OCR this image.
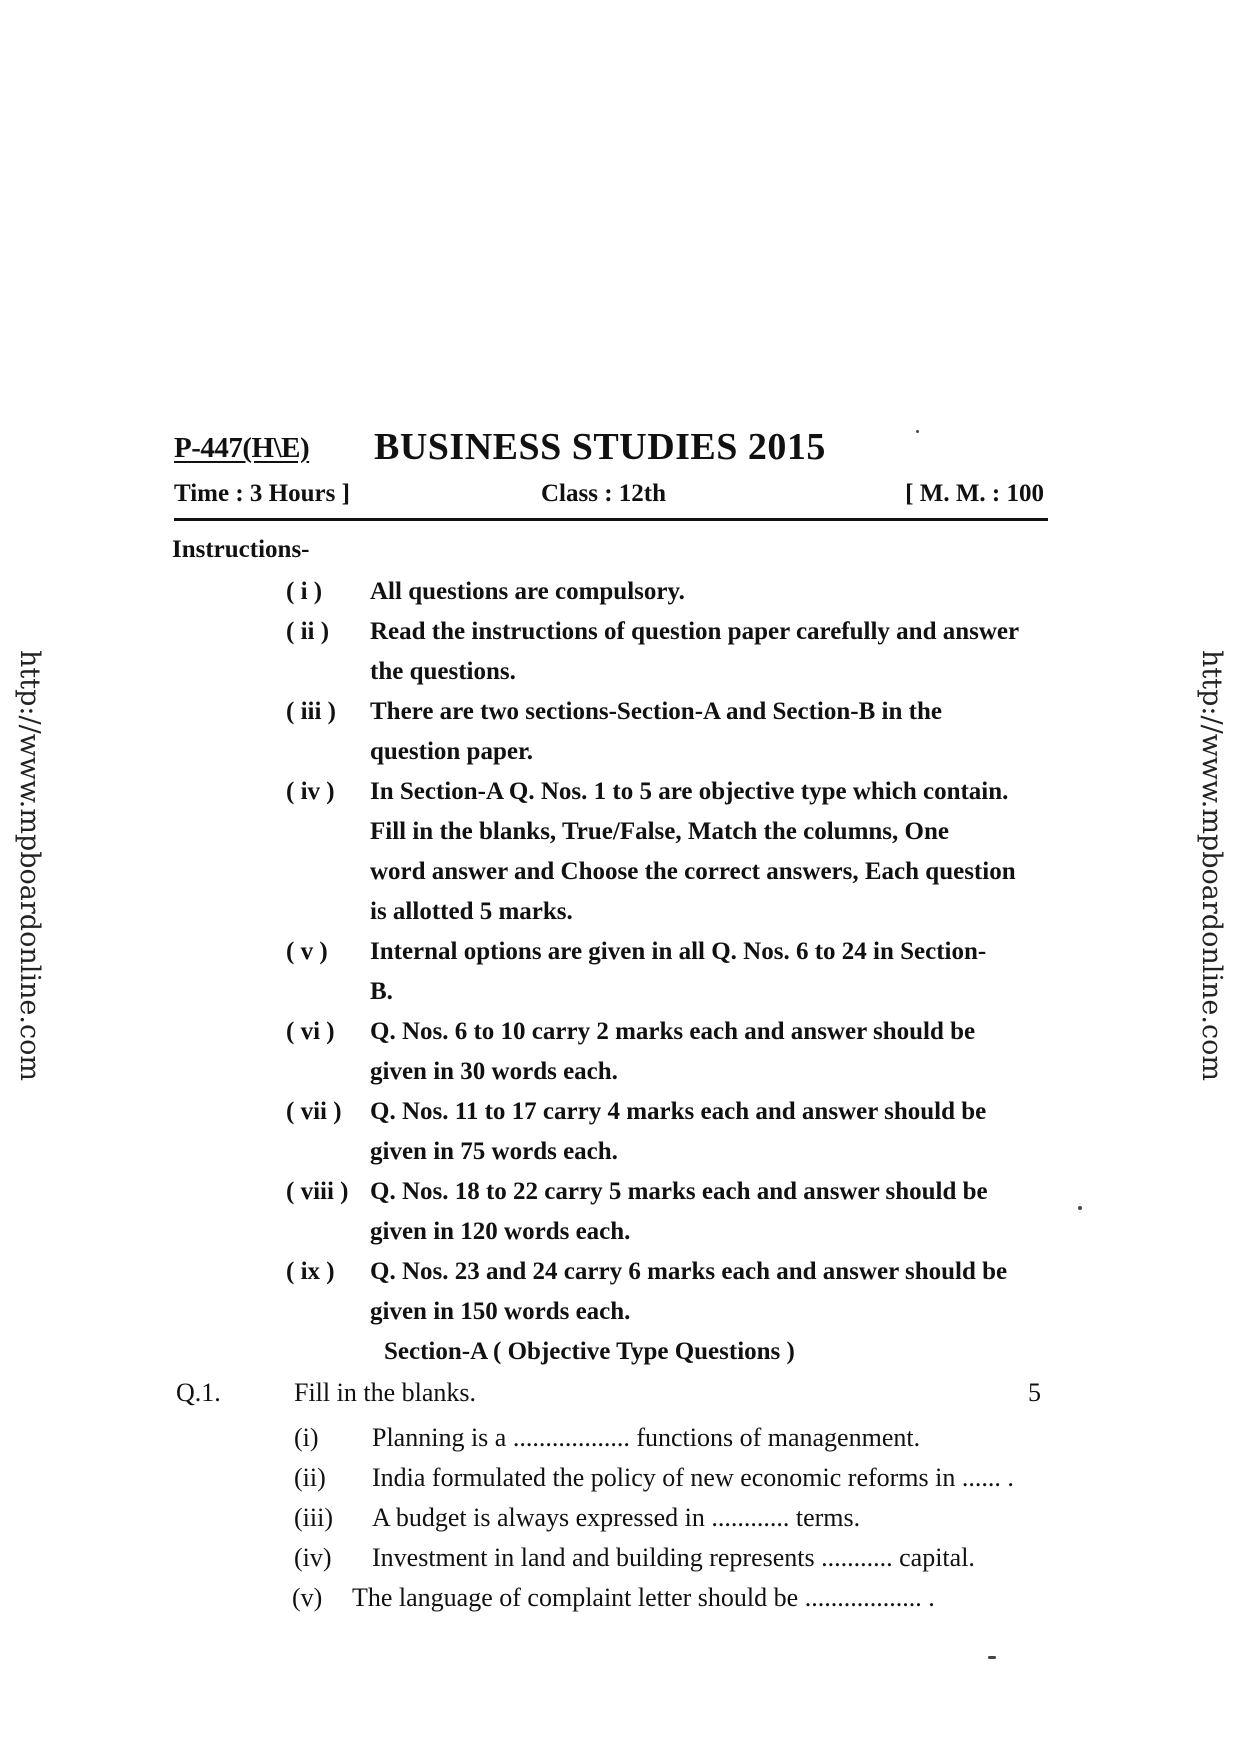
http://www.mpboardonline.com	http://www.mpboardonline.com
P-447(H\E) BUSINESS STUDIES 2015
Time : 3 Hours ]	Class : 12th	[ M. M. : 100
Instructions-
( i )	All questions are compulsory.
( ii )	Read the instructions of question paper carefully and answer
the questions.
( iii )	There are two sections-Section-A and Section-B in the
question paper.
( iv )	In Section-A Q. Nos. 1 to 5 are objective type which contain.
Fill in the blanks, True/False, Match the columns, One
word answer and Choose the correct answers, Each question
is allotted 5 marks.
( v )	Internal options are given in all Q. Nos. 6 to 24 in Section-
B.
( vi )	Q. Nos. 6 to 10 carry 2 marks each and answer should be
given in 30 words each.
( vii )	Q. Nos. 11 to 17 carry 4 marks each and answer should be
given in 75 words each.
( viii ) Q. Nos. 18 to 22 carry 5 marks each and answer should be
given in 120 words each.
( ix )	Q. Nos. 23 and 24 carry 6 marks each and answer should be
given in 150 words each.
Section-A ( Objective Type Questions )
Q.1.	Fill in the blanks.	5
(i)	Planning is a .................. functions of managenment.
(ii)	India formulated the policy of new economic reforms in ...... .
(iii)	A budget is always expressed in ............ terms.
(iv)	Investment in land and building represents ........... capital.
(v)	The language of complaint letter should be .................. .
